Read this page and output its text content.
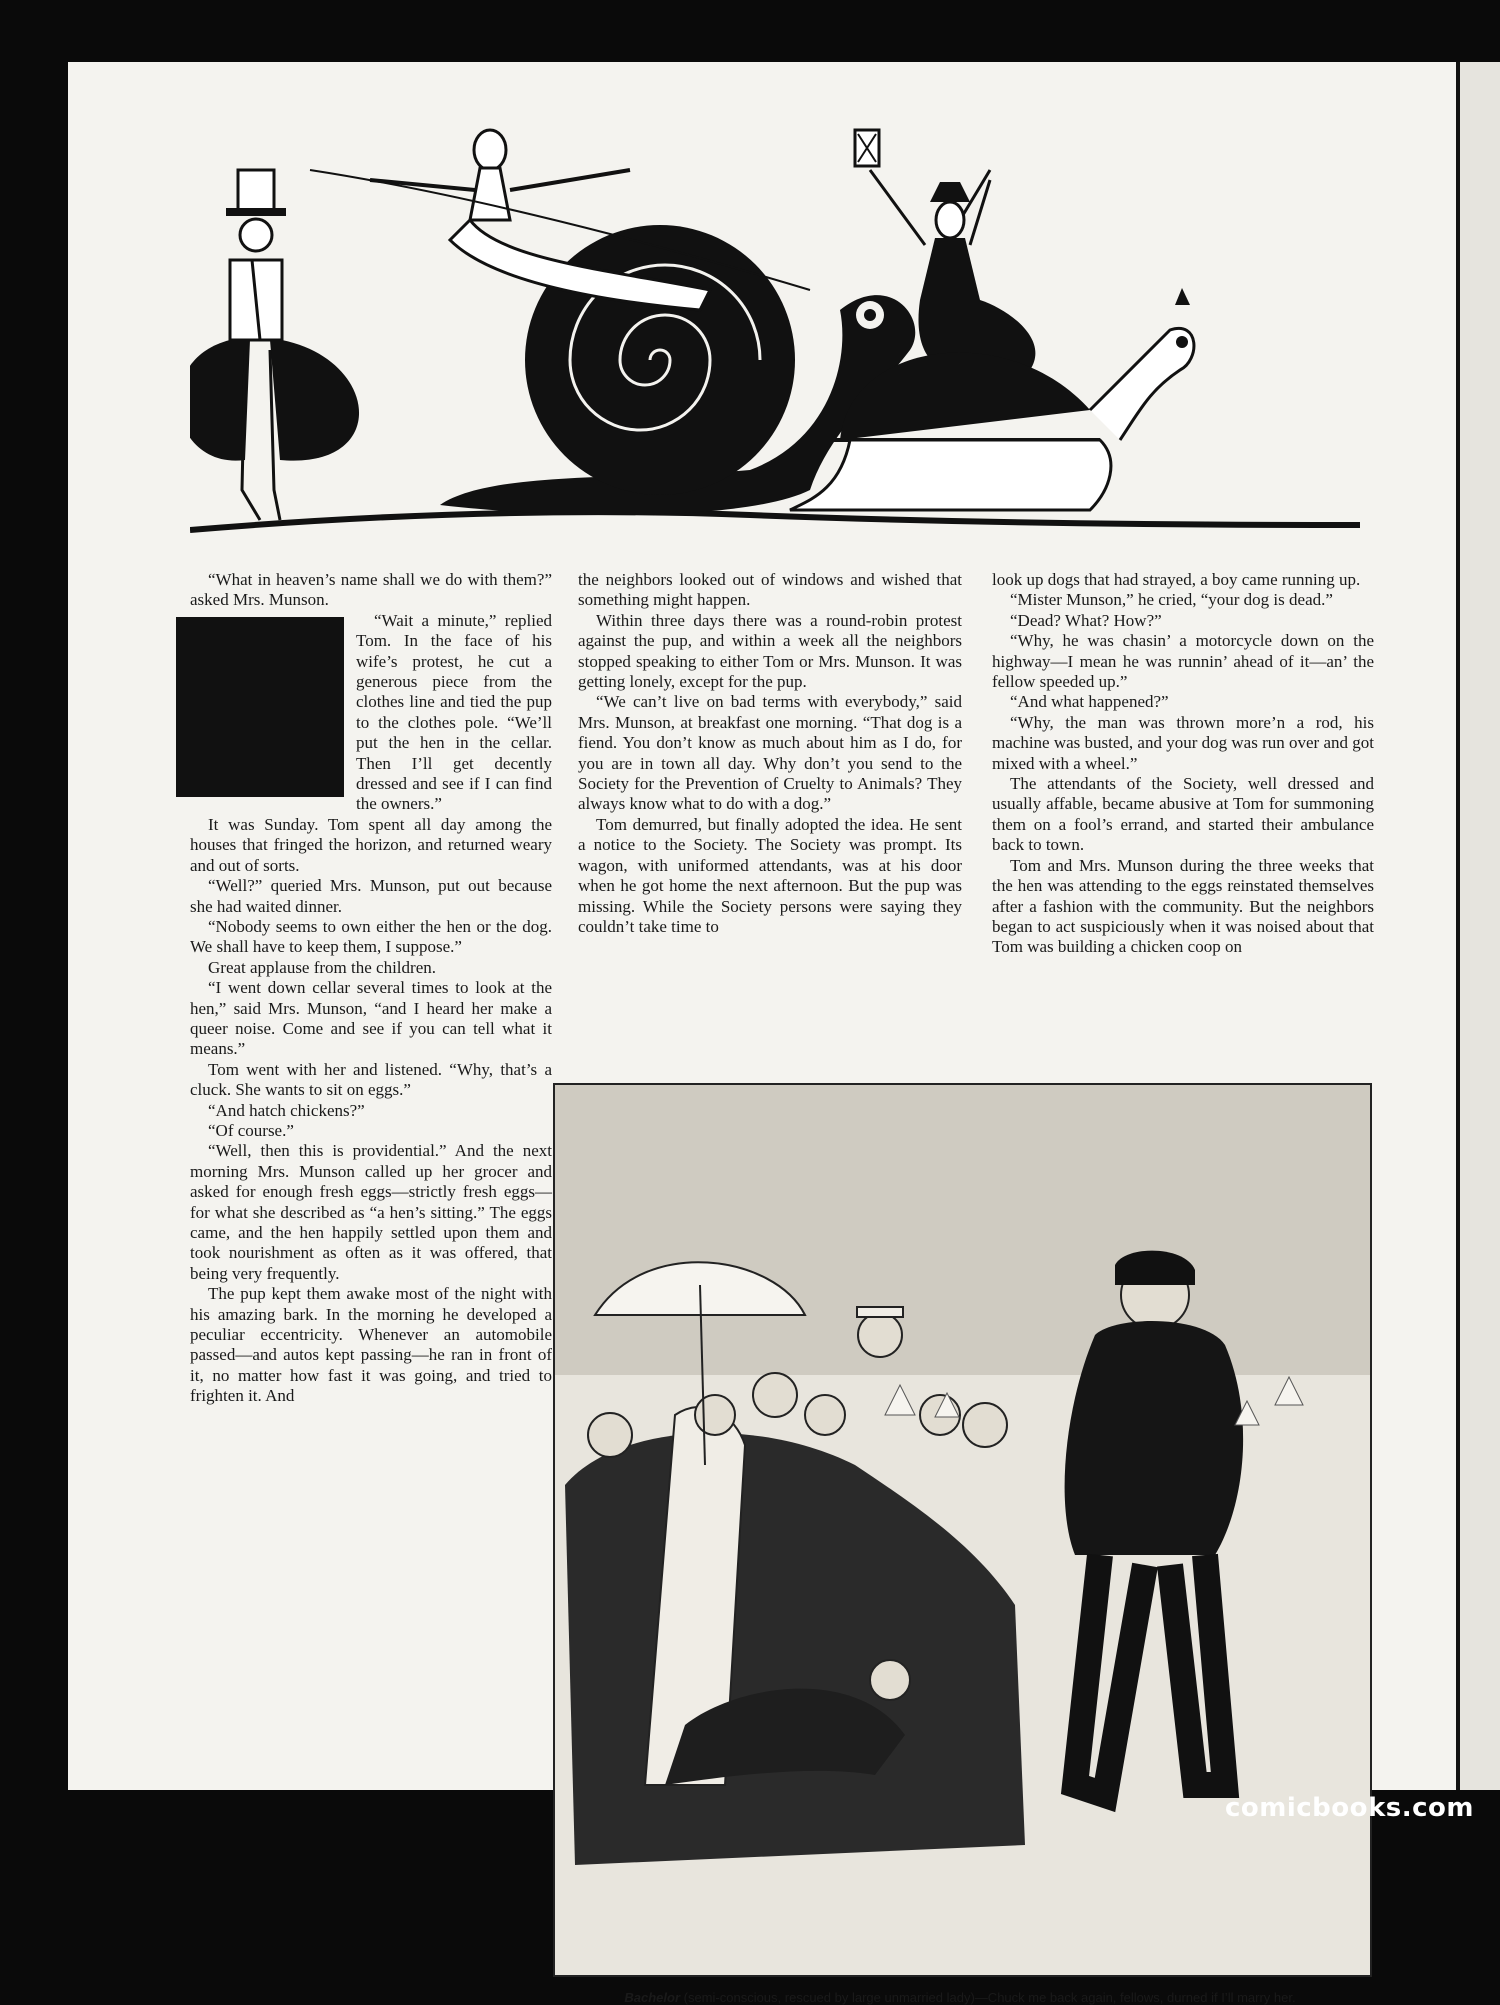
“What in heaven’s name shall we do with them?” asked Mrs. Munson.

“Wait a minute,” replied Tom. In the face of his wife’s protest, he cut a generous piece from the clothes line and tied the pup to the clothes pole. “We’ll put the hen in the cellar. Then I’ll get decently dressed and see if I can find the owners.”

It was Sunday. Tom spent all day among the houses that fringed the horizon, and returned weary and out of sorts.

“Well?” queried Mrs. Munson, put out because she had waited dinner.

“Nobody seems to own either the hen or the dog. We shall have to keep them, I suppose.”

Great applause from the children.

“I went down cellar several times to look at the hen,” said Mrs. Munson, “and I heard her make a queer noise. Come and see if you can tell what it means.”

Tom went with her and listened. “Why, that’s a cluck. She wants to sit on eggs.”

“And hatch chickens?”

“Of course.”

“Well, then this is providential.” And the next morning Mrs. Munson called up her grocer and asked for enough fresh eggs—strictly fresh eggs—for what she described as “a hen’s sitting.” The eggs came, and the hen happily settled upon them and took nourishment as often as it was offered, that being very frequently.

The pup kept them awake most of the night with his amazing bark. In the morning he developed a peculiar eccentricity. Whenever an automobile passed—and autos kept passing—he ran in front of it, no matter how fast it was going, and tried to frighten it. And

the neighbors looked out of windows and wished that something might happen.

Within three days there was a round-robin protest against the pup, and within a week all the neighbors stopped speaking to either Tom or Mrs. Munson. It was getting lonely, except for the pup.

“We can’t live on bad terms with everybody,” said Mrs. Munson, at breakfast one morning. “That dog is a fiend. You don’t know as much about him as I do, for you are in town all day. Why don’t you send to the Society for the Prevention of Cruelty to Animals? They always know what to do with a dog.”

Tom demurred, but finally adopted the idea. He sent a notice to the Society. The Society was prompt. Its wagon, with uniformed attendants, was at his door when he got home the next afternoon. But the pup was missing. While the Society persons were saying they couldn’t take time to

look up dogs that had strayed, a boy came running up.

“Mister Munson,” he cried, “your dog is dead.”

“Dead? What? How?”

“Why, he was chasin’ a motorcycle down on the highway—I mean he was runnin’ ahead of it—an’ the fellow speeded up.”

“And what happened?”

“Why, the man was thrown more’n a rod, his machine was busted, and your dog was run over and got mixed with a wheel.”

The attendants of the Society, well dressed and usually affable, became abusive at Tom for summoning them on a fool’s errand, and started their ambulance back to town.

Tom and Mrs. Munson during the three weeks that the hen was attending to the eggs reinstated themselves after a fashion with the community. But the neighbors began to act suspiciously when it was noised about that Tom was building a chicken coop on

Bachelor (semi-conscious, rescued by large unmarried lady)—Chuck me back again, fellows, durned if I’ll marry her.
comicbooks.com
